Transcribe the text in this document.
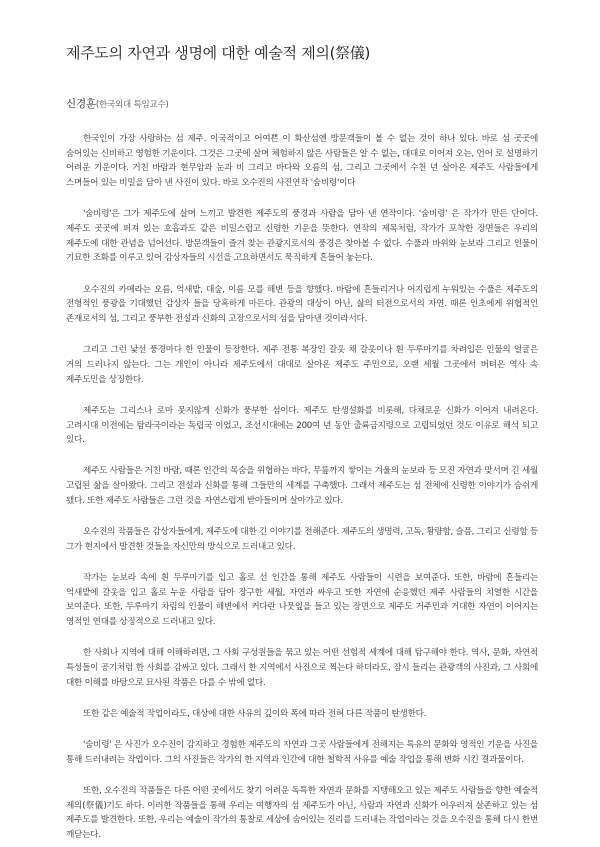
제주도의 자연과 생명에 대한 예술적 제의(祭儀)
신경훈(한국외대 특임교수)

한국인이 가장 사랑하는 섬 제주. 이국적이고 어여쁜 이 화산섬엔 방문객들이 볼 수 없는 것이 하나 있다. 바로 섬 곳곳에 숨어있는 신비하고 영험한 기운이다. 그것은 그곳에 살며 체험하지 않은 사람들은 알 수 없는, 대대로 이어져 오는, 언어 로 설명하기 어려운 기운이다. 거친 바람과 현무암과 눈과 비 그리고 바다와 오름의 섬, 그리고 그곳에서 수천 년 살아온 제주도 사람들에게 스며들어 있는 비밀을 담아 낸 사진이 있다. 바로 오수진의 사진연작 '숨비령'이다

'숨비령'은 그가 제주도에 살며 느끼고 발견한 제주도의 풍경과 사람을 담아 낸 연작이다. '숨비령' 은 작가가 만든 단어다. 제주도 곳곳에 퍼져 있는 호흡과도 같은 비밀스럽고 신령한 기운을 뜻한다. 연작의 제목처럼, 작가가 포착한 장면들은 우리의 제주도에 대한 관념을 넘어선다. 방문객들이 즐겨 찾는 관광지로서의 풍경은 찾아볼 수 없다. 수풀과 바위와 눈보라 그리고 인물이 기묘한 조화를 이루고 있어 감상자들의 시선을 고요하면서도 묵직하게 흔들어 놓는다.

오수진의 카메라는 오름, 억새밭, 대숲, 이름 모를 해변 등을 향했다. 바람에 흔들리거나 어지럽게 누워있는 수풀은 제주도의 전형적인 풍광을 기대했던 감상자 들을 당혹하게 마든다. 관광의 대상이 아닌, 삶의 터전으로서의 자연. 때론 인초에게 위협적인 존재로서의 섬, 그리고 풍부한 전설과 신화의 고장으로서의 섬을 담아낸 것이라서다.

그리고 그런 낯선 풍경마다 한 인물이 등장한다. 제주 전통 복장인 갈옷 채 갈옷이나 흰 두루마기를 차려입은 인물의 얼굴은 거의 드러나지 않는다. 그는 개인이 아니라 제주도에서 대대로 살아온 제주도 주민으로, 오랜 세월 그곳에서 버텨온 역사 속 제주도민을 상징한다.

제주도는 그리스나 로마 못지않게 신화가 풍부한 섬이다. 제주도 탄생설화를 비롯해, 다채로운 신화가 이어져 내려온다. 고려시대 이전에는 탐라국이라는 독립국 이었고, 조선시대에는 200여 년 동안 출륙금지령으로 고립되었던 것도 이유로 해석 되고 있다.

제주도 사람들은 거친 바람, 때론 인간의 목숨을 위협하는 바다, 무릎까지 쌓이는 겨울의 눈보라 등 모진 자연과 맞서며 긴 세월 고립된 삶을 살아왔다. 그리고 전설과 신화를 통해 그들만의 세계를 구축했다. 그래서 제주도는 섬 전체에 신령한 이야기가 숨쉬게 됐다. 또한 제주도 사람들은 그런 것을 자연스럽게 받아들이며 살아가고 있다.

오수진의 작품들은 감상자들에게, 제주도에 대한 긴 이야기를 전해준다. 제주도의 생명력, 고독, 황량함, 슬픔, 그리고 신령함 등 그가 현지에서 발견한 것들을 자신만의 방식으로 드러내고 있다.

작가는 눈보라 속에 흰 두루마기를 입고 홀로 선 인간을 통해 제주도 사람들이 시련을 보여준다. 또한, 바람에 흔들리는 억새밭에 갈옷을 입고 홀로 누운 사람을 담아 장구한 세월, 자연과 싸우고 또한 자연에 순응했던 제주 사람들의 치열한 시간을 보여준다. 또한, 두루마기 차림의 인물이 해변에서 커다란 나뭇잎을 들고 있는 장면으로 제주도 거주민과 거대한 자연이 이어지는 영적인 연대를 상징적으로 드러내고 있다.

한 사회나 지역에 대해 이해하려면, 그 사회 구성원들을 묶고 있는 어떤 선험적 세계에 대해 탐구해야 한다. 역사, 문화, 자연적 특성들이 공기처럼 한 사회를 감싸고 있다. 그래서 한 지역에서 사진으로 찍는다 하더라도, 잠시 들리는 관광객의 사진과, 그 사회에 대한 이해를 바탕으로 묘사된 작품은 다를 수 밖에 없다.

또한 같은 예술적 작업이라도, 대상에 대한 사유의 깊이와 폭에 따라 전혀 다른 작품이 탄생한다.

'숨비령' 은 사진가 오수진이 감지하고 경험한 제주도의 자연과 그곳 사람들에게 전해지는 특유의 문화와 영적인 기운을 사진을 통해 드러내려는 작업이다. 그의 사진들은 작가의 한 지역과 인간에 대한 철학적 사유를 예술 작업을 통해 변화 시킨 결과물이다.

또한, 오수진의 작품들은 다른 어떤 곳에서도 찾기 어려운 독특한 자연과 문화를 지탱해오고 있는 제주도 사람들을 향한 예술적 제의(祭儀)기도 하다. 이러한 작품들을 통해 우리는 여행자의 섬 제주도가 아닌, 사람과 자연과 신화가 어우러져 살존하고 있는 섬 제주도를 발견한다. 또한, 우리는 예술이 작가의 통찰로 세상에 숨어있는 진리를 드러내는 작업이라는 것을 오수진을 통해 다시 한번 깨닫는다.
